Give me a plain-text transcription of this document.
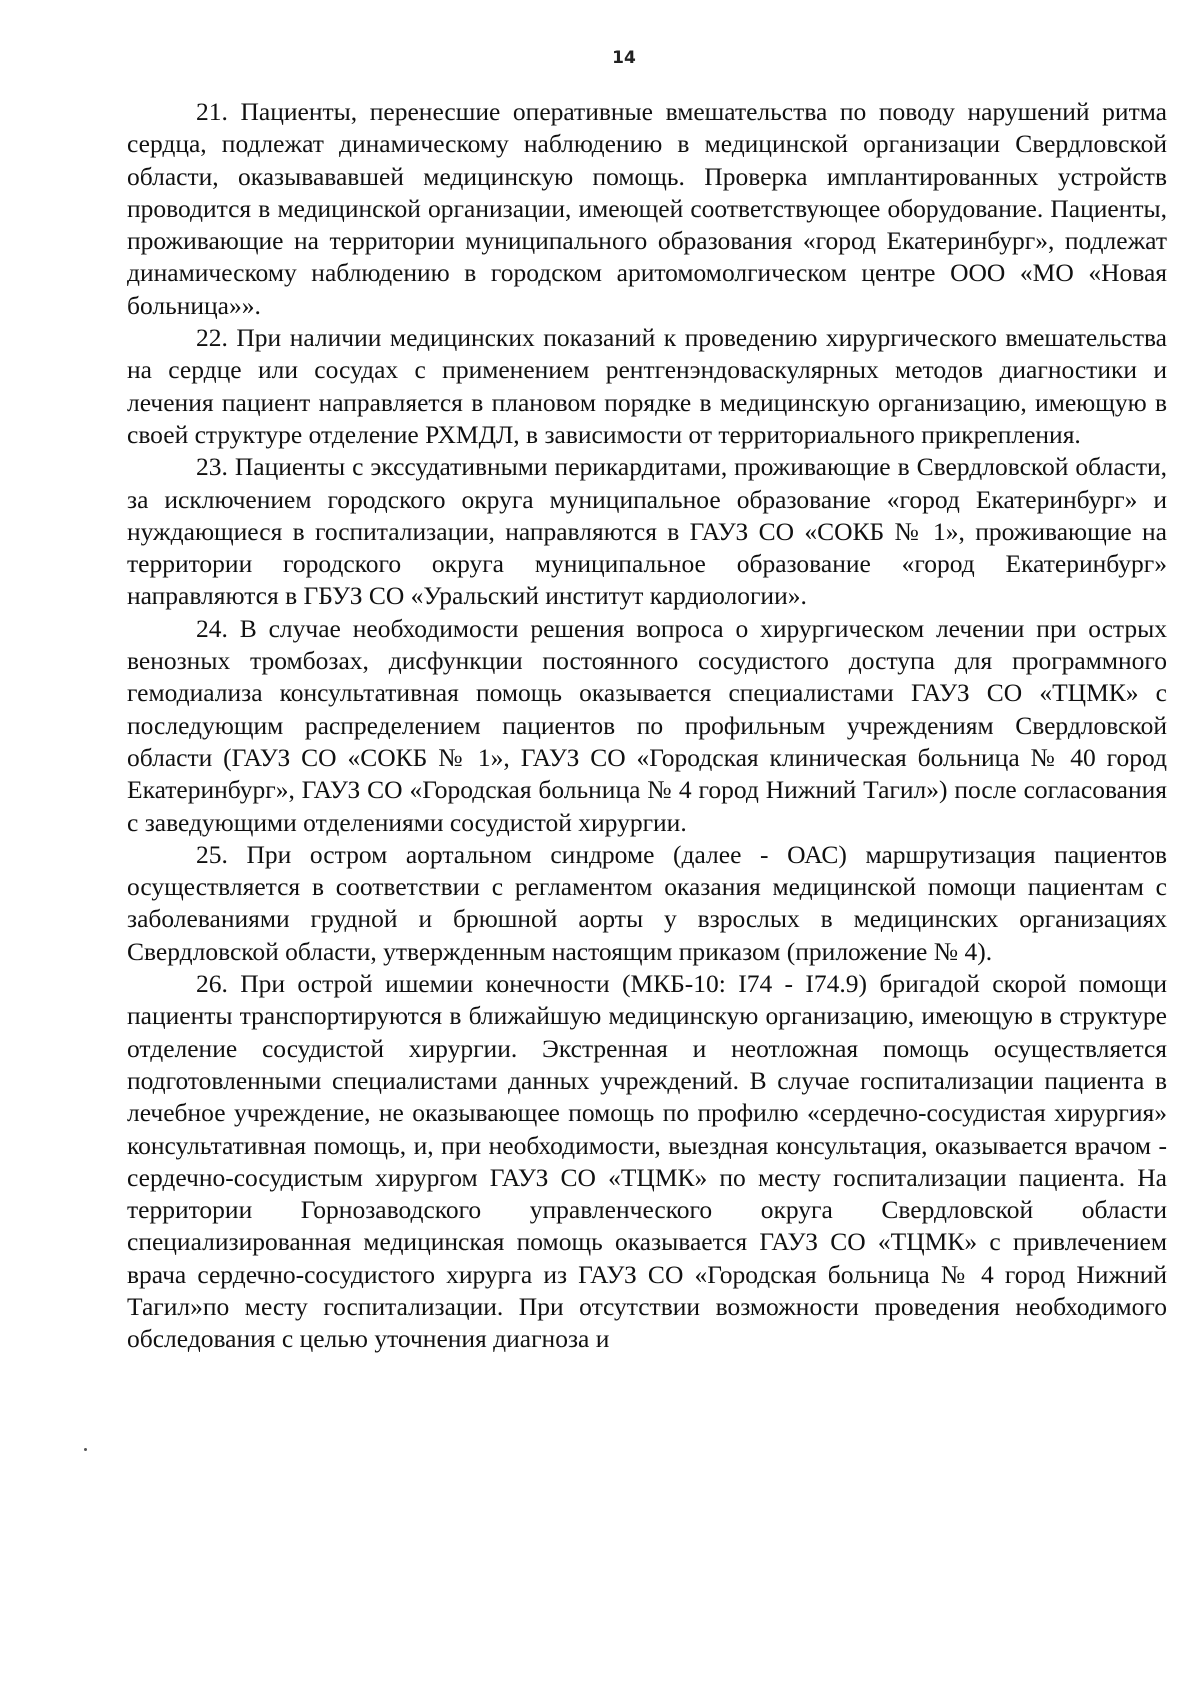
14

21. Пациенты, перенесшие оперативные вмешательства по поводу нарушений ритма сердца, подлежат динамическому наблюдению в медицинской организации Свердловской области, оказывававшей медицинскую помощь. Проверка имплантированных устройств проводится в медицинской организации, имеющей соответствующее оборудование. Пациенты, проживающие на территории муниципального образования «город Екатеринбург», подлежат динамическому наблюдению в городском аритомомолгическом центре ООО «МО «Новая больница»».

22. При наличии медицинских показаний к проведению хирургического вмешательства на сердце или сосудах с применением рентгенэндоваскулярных методов диагностики и лечения пациент направляется в плановом порядке в медицинскую организацию, имеющую в своей структуре отделение РХМДЛ, в зависимости от территориального прикрепления.

23. Пациенты с экссудативными перикардитами, проживающие в Свердловской области, за исключением городского округа муниципальное образование «город Екатеринбург» и нуждающиеся в госпитализации, направляются в ГАУЗ СО «СОКБ № 1», проживающие на территории городского округа муниципальное образование «город Екатеринбург» направляются в ГБУЗ СО «Уральский институт кардиологии».

24. В случае необходимости решения вопроса о хирургическом лечении при острых венозных тромбозах, дисфункции постоянного сосудистого доступа для программного гемодиализа консультативная помощь оказывается специалистами ГАУЗ СО «ТЦМК» с последующим распределением пациентов по профильным учреждениям Свердловской области (ГАУЗ СО «СОКБ № 1», ГАУЗ СО «Городская клиническая больница № 40 город Екатеринбург», ГАУЗ СО «Городская больница № 4 город Нижний Тагил») после согласования с заведующими отделениями сосудистой хирургии.

25. При остром аортальном синдроме (далее - ОАС) маршрутизация пациентов осуществляется в соответствии с регламентом оказания медицинской помощи пациентам с заболеваниями грудной и брюшной аорты у взрослых в медицинских организациях Свердловской области, утвержденным настоящим приказом (приложение № 4).

26. При острой ишемии конечности (МКБ-10: I74 - I74.9) бригадой скорой помощи пациенты транспортируются в ближайшую медицинскую организацию, имеющую в структуре отделение сосудистой хирургии. Экстренная и неотложная помощь осуществляется подготовленными специалистами данных учреждений. В случае госпитализации пациента в лечебное учреждение, не оказывающее помощь по профилю «сердечно-сосудистая хирургия» консультативная помощь, и, при необходимости, выездная консультация, оказывается врачом - сердечно-сосудистым хирургом ГАУЗ СО «ТЦМК» по месту госпитализации пациента. На территории Горнозаводского управленческого округа Свердловской области специализированная медицинская помощь оказывается ГАУЗ СО «ТЦМК» с привлечением врача сердечно-сосудистого хирурга из ГАУЗ СО «Городская больница № 4 город Нижний Тагил»по месту госпитализации. При отсутствии возможности проведения необходимого обследования с целью уточнения диагноза и
